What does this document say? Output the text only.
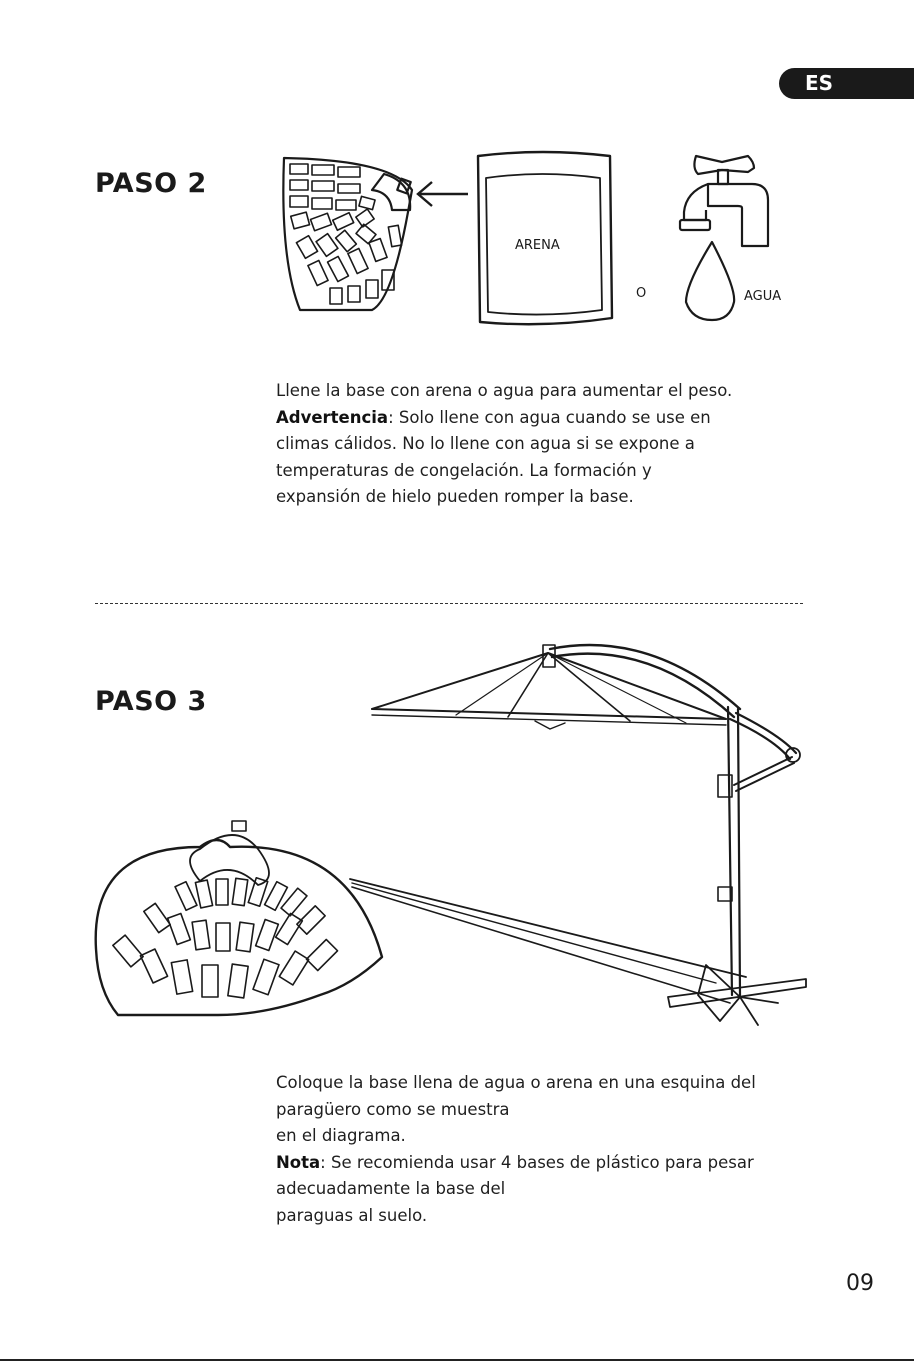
ES
PASO 2
ARENA
O	AGUA

Llene la base con arena o agua para aumentar el peso.

Advertencia: Solo llene con agua cuando se use en

climas cálidos. No lo llene con agua si se expone a

temperaturas de congelación. La formación y

expansión de hielo pueden romper la base.

PASO 3

Coloque la base llena de agua o arena en una esquina del

paragüero como se muestra

en el diagrama.

Nota: Se recomienda usar 4 bases de plástico para pesar

adecuadamente la base del

paraguas al suelo.

09
